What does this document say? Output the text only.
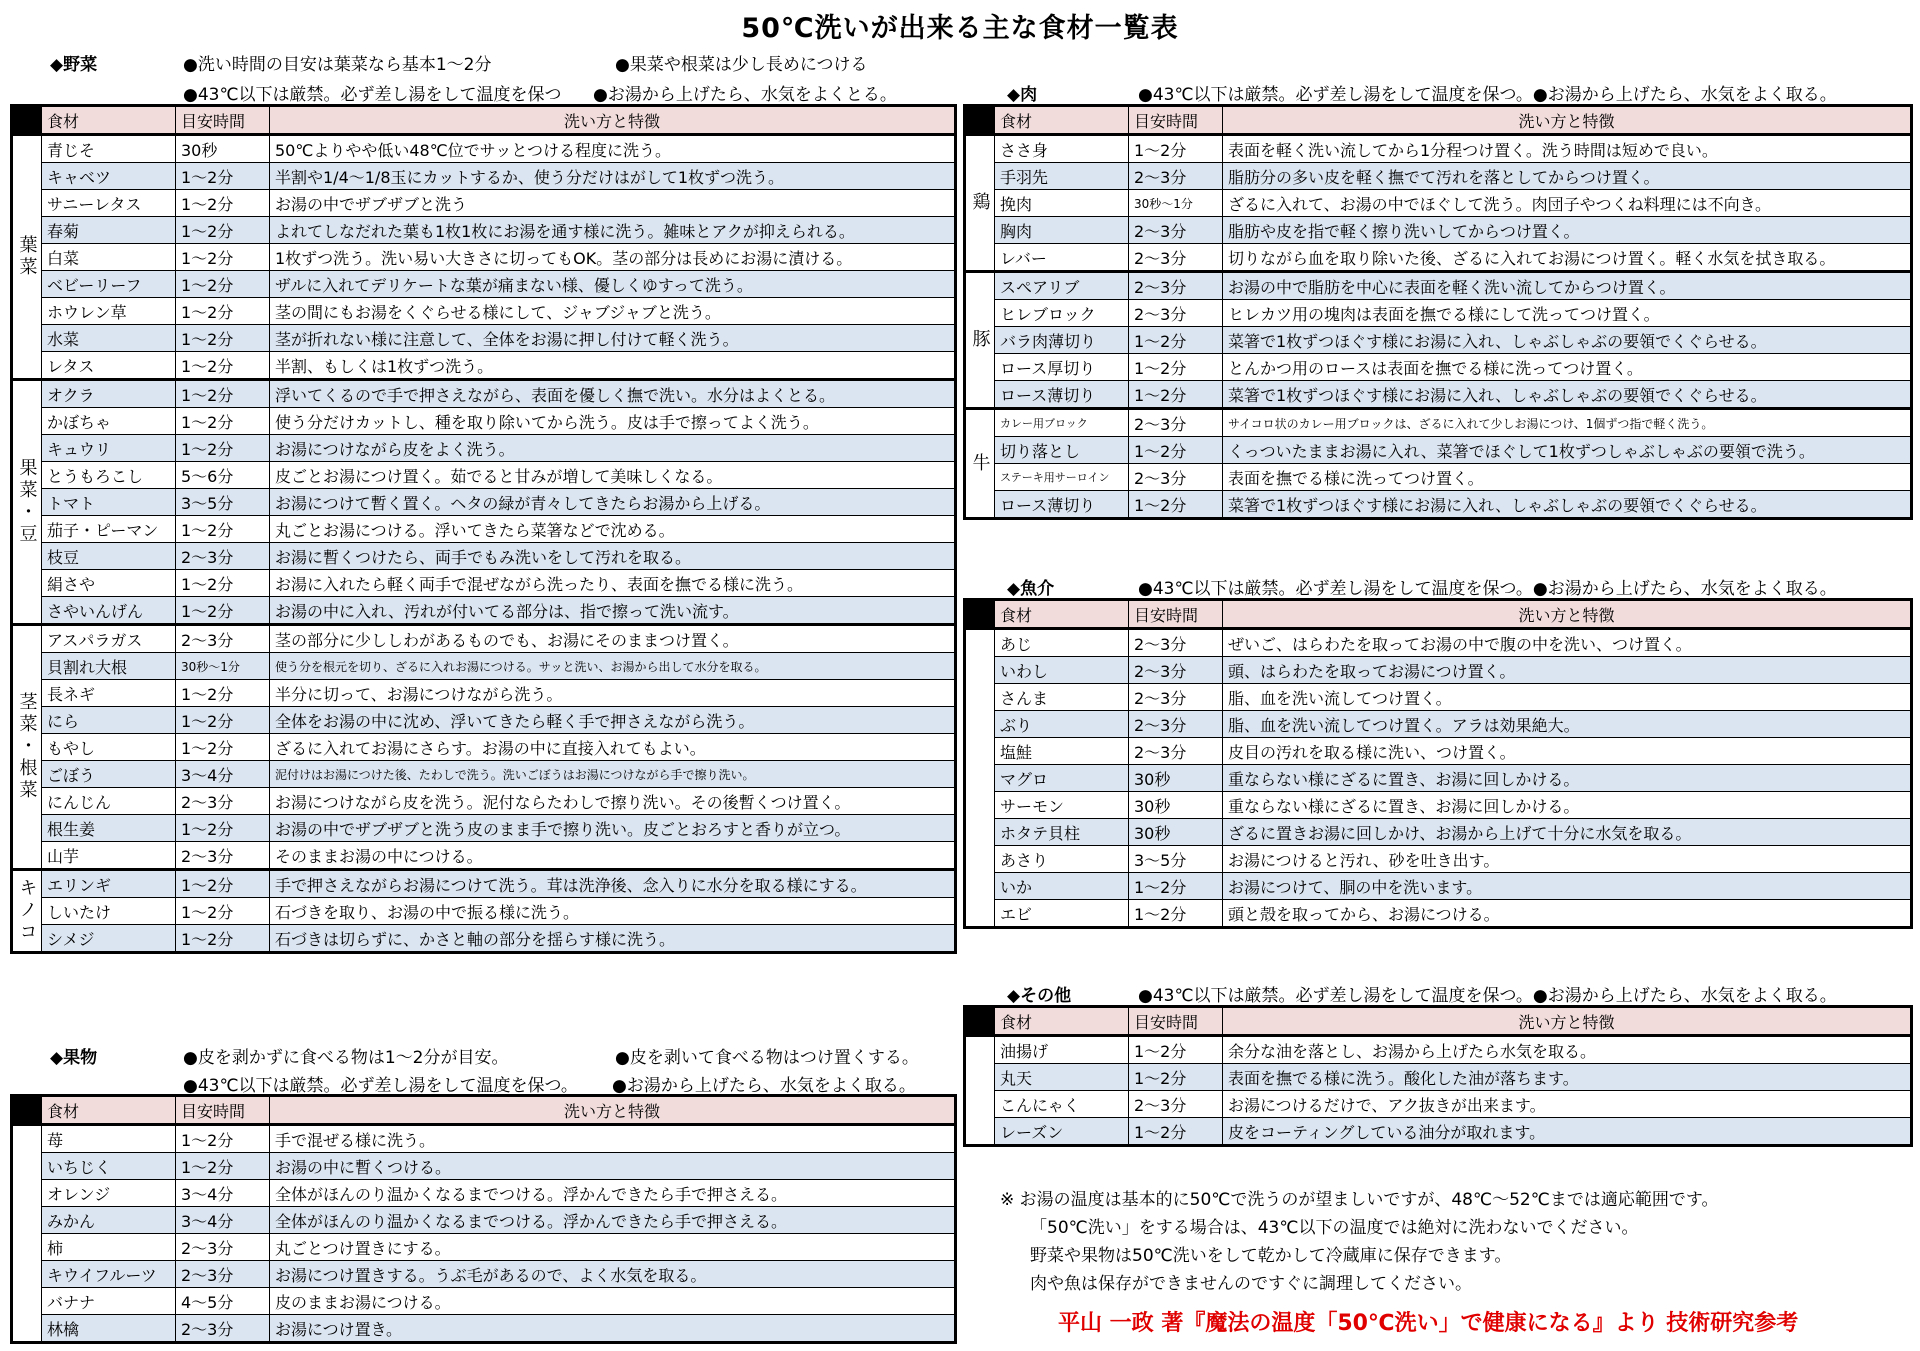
50℃洗いが出来る主な食材一覧表
◆野菜	●洗い時間の目安は葉菜なら基本1～2分	●果菜や根菜は少し長めにつける
●43℃以下は厳禁。必ず差し湯をして温度を保つ ●お湯から上げたら、水気をよくとる。
	食材	目安時間	洗い方と特徴
葉菜	青じそ	30秒	50℃よりやや低い48℃位でサッとつける程度に洗う。
	キャベツ	1～2分	半割や1/4～1/8玉にカットするか、使う分だけはがして1枚ずつ洗う。
	サニーレタス	1～2分	お湯の中でザブザブと洗う
	春菊	1～2分	よれてしなだれた葉も1枚1枚にお湯を通す様に洗う。雑味とアクが抑えられる。
	白菜	1～2分	1枚ずつ洗う。洗い易い大きさに切ってもOK。茎の部分は長めにお湯に漬ける。
	ベビーリーフ	1～2分	ザルに入れてデリケートな葉が痛まない様、優しくゆすって洗う。
	ホウレン草	1～2分	茎の間にもお湯をくぐらせる様にして、ジャブジャブと洗う。
	水菜	1～2分	茎が折れない様に注意して、全体をお湯に押し付けて軽く洗う。
	レタス	1～2分	半割、もしくは1枚ずつ洗う。
果菜・豆	オクラ	1～2分	浮いてくるので手で押さえながら、表面を優しく撫で洗い。水分はよくとる。
	かぼちゃ	1～2分	使う分だけカットし、種を取り除いてから洗う。皮は手で擦ってよく洗う。
	キュウリ	1～2分	お湯につけながら皮をよく洗う。
	とうもろこし	5～6分	皮ごとお湯につけ置く。茹でると甘みが増して美味しくなる。
	トマト	3～5分	お湯につけて暫く置く。ヘタの緑が青々してきたらお湯から上げる。
	茄子・ピーマン	1～2分	丸ごとお湯につける。浮いてきたら菜箸などで沈める。
	枝豆	2～3分	お湯に暫くつけたら、両手でもみ洗いをして汚れを取る。
	絹さや	1～2分	お湯に入れたら軽く両手で混ぜながら洗ったり、表面を撫でる様に洗う。
	さやいんげん	1～2分	お湯の中に入れ、汚れが付いてる部分は、指で擦って洗い流す。
茎菜・根菜	アスパラガス	2～3分	茎の部分に少ししわがあるものでも、お湯にそのままつけ置く。
	貝割れ大根	30秒～1分	使う分を根元を切り、ざるに入れお湯につける。サッと洗い、お湯から出して水分を取る。
	長ネギ	1～2分	半分に切って、お湯につけながら洗う。
	にら	1～2分	全体をお湯の中に沈め、浮いてきたら軽く手で押さえながら洗う。
	もやし	1～2分	ざるに入れてお湯にさらす。お湯の中に直接入れてもよい。
	ごぼう	3～4分	泥付けはお湯につけた後、たわしで洗う。洗いごぼうはお湯につけながら手で擦り洗い。
	にんじん	2～3分	お湯につけながら皮を洗う。泥付ならたわしで擦り洗い。その後暫くつけ置く。
	根生姜	1～2分	お湯の中でザブザブと洗う皮のまま手で擦り洗い。皮ごとおろすと香りが立つ。
	山芋	2～3分	そのままお湯の中につける。
キノコ	エリンギ	1～2分	手で押さえながらお湯につけて洗う。茸は洗浄後、念入りに水分を取る様にする。
	しいたけ	1～2分	石づきを取り、お湯の中で振る様に洗う。
	シメジ	1～2分	石づきは切らずに、かさと軸の部分を揺らす様に洗う。
◆果物	●皮を剥かずに食べる物は1～2分が目安。	●皮を剥いて食べる物はつけ置くする。
●43℃以下は厳禁。必ず差し湯をして温度を保つ。 ●お湯から上げたら、水気をよく取る。
	食材	目安時間	洗い方と特徴
	苺	1～2分	手で混ぜる様に洗う。
	いちじく	1～2分	お湯の中に暫くつける。
	オレンジ	3～4分	全体がほんのり温かくなるまでつける。浮かんできたら手で押さえる。
	みかん	3～4分	全体がほんのり温かくなるまでつける。浮かんできたら手で押さえる。
	柿	2～3分	丸ごとつけ置きにする。
	キウイフルーツ	2～3分	お湯につけ置きする。うぶ毛があるので、よく水気を取る。
	バナナ	4～5分	皮のままお湯につける。
	林檎	2～3分	お湯につけ置き。
◆肉	●43℃以下は厳禁。必ず差し湯をして温度を保つ。●お湯から上げたら、水気をよく取る。
	食材	目安時間	洗い方と特徴
鶏	ささ身	1～2分	表面を軽く洗い流してから1分程つけ置く。洗う時間は短めで良い。
	手羽先	2～3分	脂肪分の多い皮を軽く撫でて汚れを落としてからつけ置く。
	挽肉	30秒～1分	ざるに入れて、お湯の中でほぐして洗う。肉団子やつくね料理には不向き。
	胸肉	2～3分	脂肪や皮を指で軽く擦り洗いしてからつけ置く。
	レバー	2～3分	切りながら血を取り除いた後、ざるに入れてお湯につけ置く。軽く水気を拭き取る。
豚	スペアリブ	2～3分	お湯の中で脂肪を中心に表面を軽く洗い流してからつけ置く。
	ヒレブロック	2～3分	ヒレカツ用の塊肉は表面を撫でる様にして洗ってつけ置く。
	バラ肉薄切り	1～2分	菜箸で1枚ずつほぐす様にお湯に入れ、しゃぶしゃぶの要領でくぐらせる。
	ロース厚切り	1～2分	とんかつ用のロースは表面を撫でる様に洗ってつけ置く。
	ロース薄切り	1～2分	菜箸で1枚ずつほぐす様にお湯に入れ、しゃぶしゃぶの要領でくぐらせる。
牛	カレー用ブロック	2～3分	サイコロ状のカレー用ブロックは、ざるに入れて少しお湯につけ、1個ずつ指で軽く洗う。
	切り落とし	1～2分	くっついたままお湯に入れ、菜箸でほぐして1枚ずつしゃぶしゃぶの要領で洗う。
	ステーキ用サーロイン	2～3分	表面を撫でる様に洗ってつけ置く。
	ロース薄切り	1～2分	菜箸で1枚ずつほぐす様にお湯に入れ、しゃぶしゃぶの要領でくぐらせる。
◆魚介	●43℃以下は厳禁。必ず差し湯をして温度を保つ。●お湯から上げたら、水気をよく取る。
	食材	目安時間	洗い方と特徴
	あじ	2～3分	ぜいご、はらわたを取ってお湯の中で腹の中を洗い、つけ置く。
	いわし	2～3分	頭、はらわたを取ってお湯につけ置く。
	さんま	2～3分	脂、血を洗い流してつけ置く。
	ぶり	2～3分	脂、血を洗い流してつけ置く。アラは効果絶大。
	塩鮭	2～3分	皮目の汚れを取る様に洗い、つけ置く。
	マグロ	30秒	重ならない様にざるに置き、お湯に回しかける。
	サーモン	30秒	重ならない様にざるに置き、お湯に回しかける。
	ホタテ貝柱	30秒	ざるに置きお湯に回しかけ、お湯から上げて十分に水気を取る。
	あさり	3～5分	お湯につけると汚れ、砂を吐き出す。
	いか	1～2分	お湯につけて、胴の中を洗います。
	エビ	1～2分	頭と殻を取ってから、お湯につける。
◆その他	●43℃以下は厳禁。必ず差し湯をして温度を保つ。●お湯から上げたら、水気をよく取る。
	食材	目安時間	洗い方と特徴
	油揚げ	1～2分	余分な油を落とし、お湯から上げたら水気を取る。
	丸天	1～2分	表面を撫でる様に洗う。酸化した油が落ちます。
	こんにゃく	2～3分	お湯につけるだけで、アク抜きが出来ます。
	レーズン	1～2分	皮をコーティングしている油分が取れます。
※ お湯の温度は基本的に50℃で洗うのが望ましいですが、48℃～52℃までは適応範囲です。
「50℃洗い」をする場合は、43℃以下の温度では絶対に洗わないでください。
野菜や果物は50℃洗いをして乾かして冷蔵庫に保存できます。
肉や魚は保存ができませんのですぐに調理してください。
平山 一政 著『魔法の温度「50℃洗い」で健康になる』より 技術研究参考
